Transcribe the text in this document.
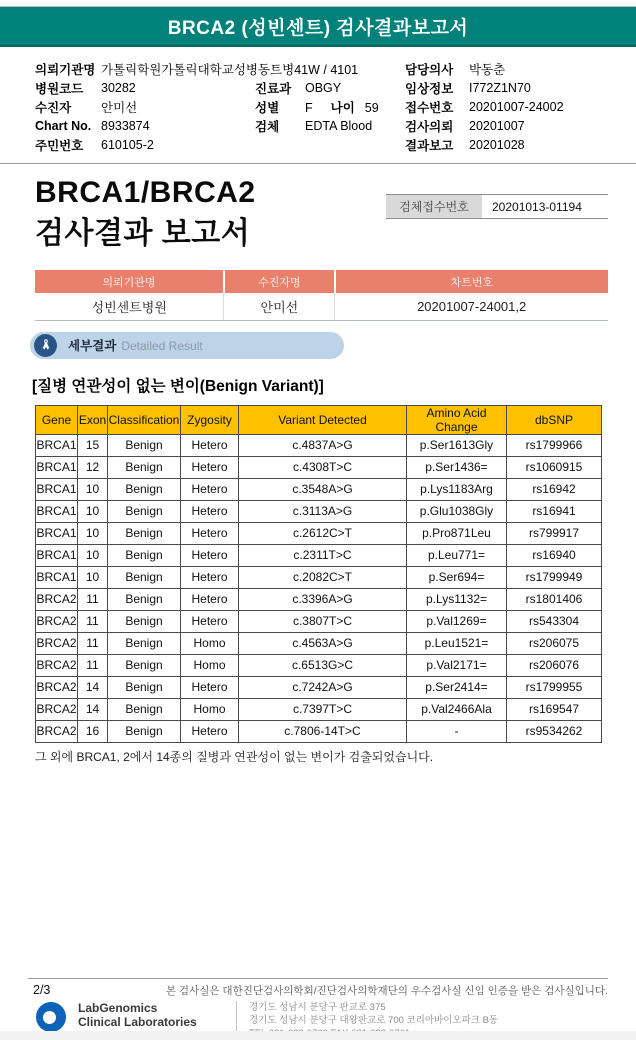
BRCA2 (성빈센트) 검사결과보고서
의뢰기관명 가톨릭학원가톨릭대학교성병동트병41W / 4101	담당의사	박동춘
병원코드	30282	진료과	OBGY	임상정보	I772Z1N70
수진자	안미선	성별	F 나이 59	접수번호	20201007-24002
Chart No. 8933874	검체	EDTA Blood	검사의뢰	20201007
주민번호	610105-2	결과보고	20201028
BRCA1/BRCA2
검사결과 보고서
검체접수번호	20201013-01194
의뢰기관명	수진자명	차트번호
성빈센트병원	안미선	20201007-24001,2
세부결과 Detailed Result
[질병 연관성이 없는 변이(Benign Variant)]
Gene	Exon	Classification	Zygosity	Variant Detected	Amino Acid Change	dbSNP
BRCA1	15	Benign	Hetero	c.4837A>G	p.Ser1613Gly	rs1799966
BRCA1	12	Benign	Hetero	c.4308T>C	p.Ser1436=	rs1060915
BRCA1	10	Benign	Hetero	c.3548A>G	p.Lys1183Arg	rs16942
BRCA1	10	Benign	Hetero	c.3113A>G	p.Glu1038Gly	rs16941
BRCA1	10	Benign	Hetero	c.2612C>T	p.Pro871Leu	rs799917
BRCA1	10	Benign	Hetero	c.2311T>C	p.Leu771=	rs16940
BRCA1	10	Benign	Hetero	c.2082C>T	p.Ser694=	rs1799949
BRCA2	11	Benign	Hetero	c.3396A>G	p.Lys1132=	rs1801406
BRCA2	11	Benign	Hetero	c.3807T>C	p.Val1269=	rs543304
BRCA2	11	Benign	Homo	c.4563A>G	p.Leu1521=	rs206075
BRCA2	11	Benign	Homo	c.6513G>C	p.Val2171=	rs206076
BRCA2	14	Benign	Hetero	c.7242A>G	p.Ser2414=	rs1799955
BRCA2	14	Benign	Homo	c.7397T>C	p.Val2466Ala	rs169547
BRCA2	16	Benign	Hetero	c.7806-14T>C	-	rs9534262
그 외에 BRCA1, 2에서 14종의 질병과 연관성이 없는 변이가 검출되었습니다.
2/3	본 검사실은 대한진단검사의학회/진단검사의학재단의 우수검사실 신임 인증을 받은 검사실입니다.
LabGenomics
Clinical Laboratories
경기도 성남시 분당구 판교로 375
경기도 성남시 분당구 대왕판교로 700 코리아바이오파크 B동
